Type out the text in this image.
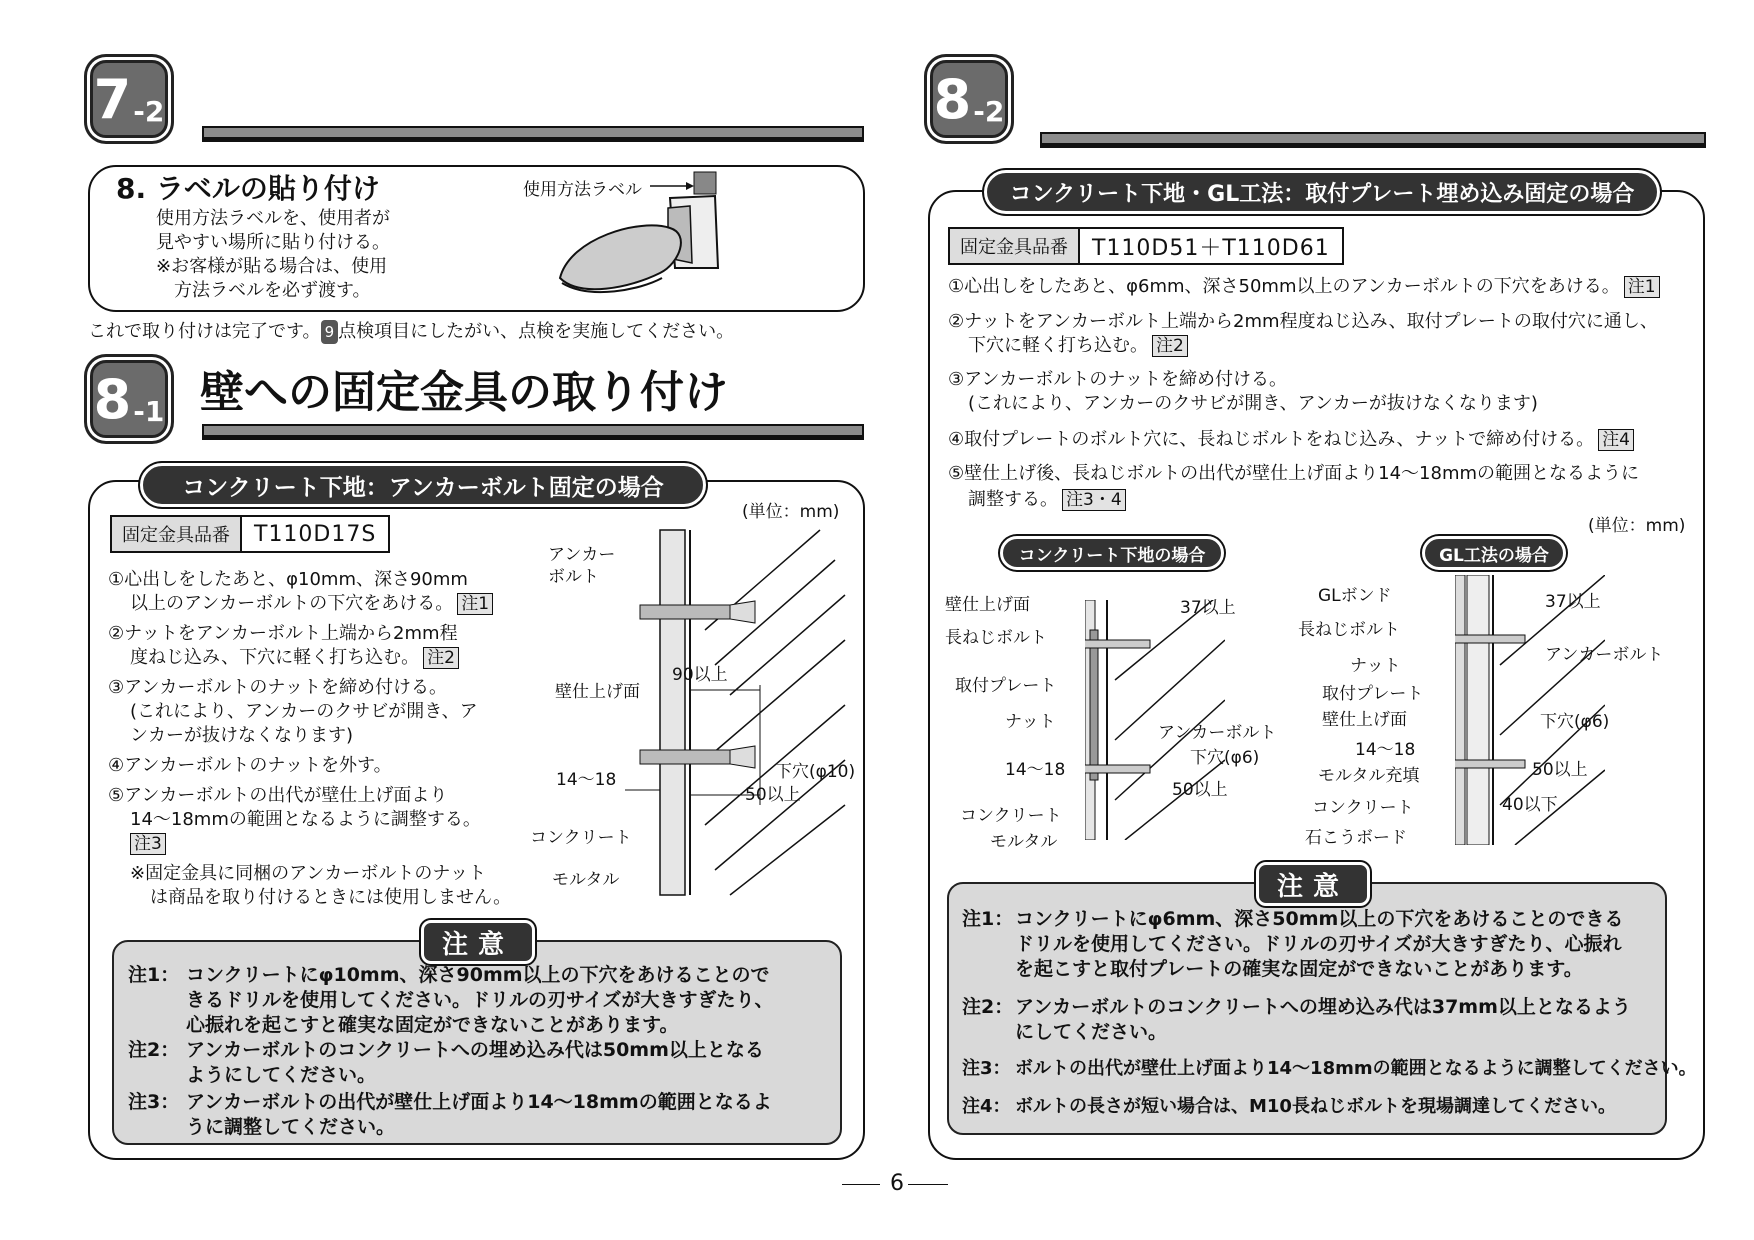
7 -2
8. ラベルの貼り付け
使用方法ラベルを、使用者が
見やすい場所に貼り付ける。
※お客様が貼る場合は、使用
方法ラベルを必ず渡す。
使用方法ラベル
これで取り付けは完了です。 9 点検項目にしたがい、点検を実施してください。
8 -1 壁への固定金具の取り付け
コンクリート下地：アンカーボルト固定の場合
(単位：mm)
固定金具品番	T110D17S
①心出しをしたあと、φ10mm、深さ90mm
以上のアンカーボルトの下穴をあける。 注1
②ナットをアンカーボルト上端から2mm程
度ねじ込み、下穴に軽く打ち込む。 注2
③アンカーボルトのナットを締め付ける。
(これにより、アンカーのクサビが開き、ア
ンカーが抜けなくなります)
④アンカーボルトのナットを外す。
⑤アンカーボルトの出代が壁仕上げ面より
14～18mmの範囲となるように調整する。
注3
※固定金具に同梱のアンカーボルトのナット
は商品を取り付けるときには使用しません。
アンカー
ボルト
壁仕上げ面
90以上
14～18	下穴(φ10)
50以上
コンクリート
モルタル
注意
注1： コンクリートにφ10mm、深さ90mm以上の下穴をあけることので
きるドリルを使用してください。ドリルの刃サイズが大きすぎたり、
心振れを起こすと確実な固定ができないことがあります。
注2： アンカーボルトのコンクリートへの埋め込み代は50mm以上となる
ようにしてください。
注3： アンカーボルトの出代が壁仕上げ面より14～18mmの範囲となるよ
うに調整してください。
8 -2
コンクリート下地・GL工法：取付プレート埋め込み固定の場合
固定金具品番	T110D51＋T110D61
①心出しをしたあと、φ6mm、深さ50mm以上のアンカーボルトの下穴をあける。 注1
②ナットをアンカーボルト上端から2mm程度ねじ込み、取付プレートの取付穴に通し、
下穴に軽く打ち込む。 注2
③アンカーボルトのナットを締め付ける。
(これにより、アンカーのクサビが開き、アンカーが抜けなくなります)
④取付プレートのボルト穴に、長ねじボルトをねじ込み、ナットで締め付ける。 注4
⑤壁仕上げ後、長ねじボルトの出代が壁仕上げ面より14～18mmの範囲となるように
調整する。 注3・4
(単位：mm)
コンクリート下地の場合
壁仕上げ面
長ねじボルト
取付プレート
ナット
14～18
コンクリート
モルタル
37以上
アンカーボルト
下穴(φ6)
50以上
GL工法の場合
GLボンド
長ねじボルト
ナット
取付プレート
壁仕上げ面
14～18
モルタル充填
コンクリート
石こうボード
37以上
アンカーボルト
下穴(φ6)
50以上
40以下
注意
注1： コンクリートにφ6mm、深さ50mm以上の下穴をあけることのできる
ドリルを使用してください。ドリルの刃サイズが大きすぎたり、心振れ
を起こすと取付プレートの確実な固定ができないことがあります。
注2： アンカーボルトのコンクリートへの埋め込み代は37mm以上となるよう
にしてください。
注3： ボルトの出代が壁仕上げ面より14～18mmの範囲となるように調整してください。
注4： ボルトの長さが短い場合は、M10長ねじボルトを現場調達してください。
6
